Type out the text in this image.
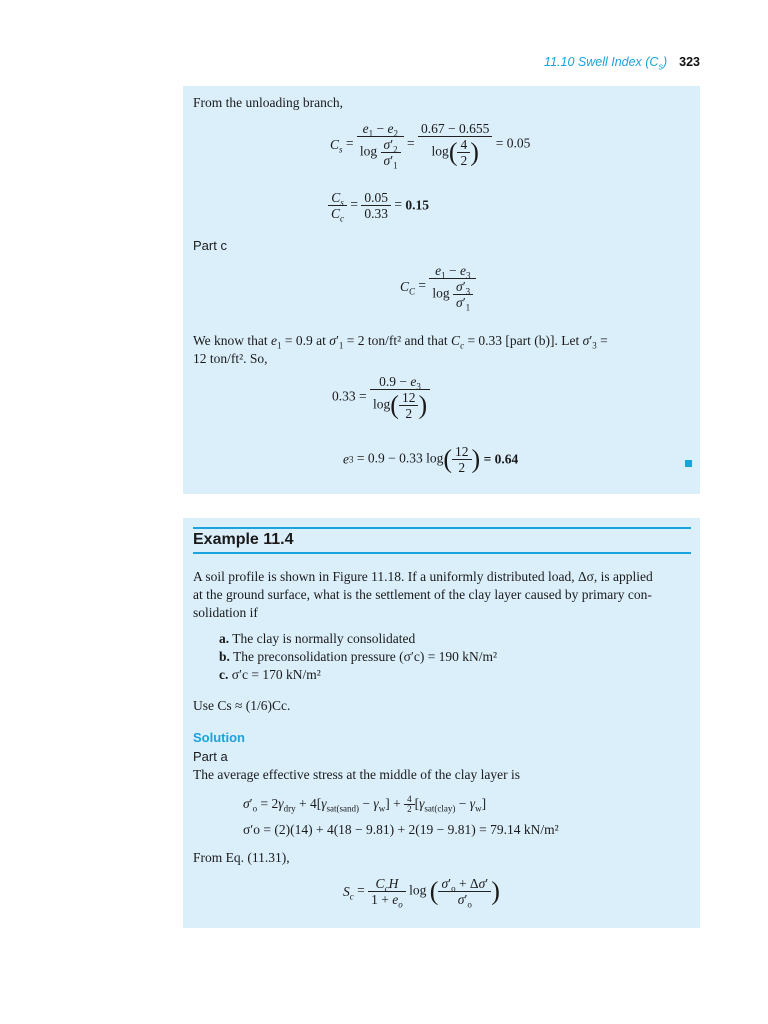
11.10 Swell Index $(C_s)$ 323
From the unloading branch,
$C_s = \frac{e_1 - e_2}{\log \frac{\sigma'_2}{\sigma'_1}} = \frac{0.67 - 0.655}{\log( \frac{4}{2} )} = 0.05$
$\frac{C_s}{C_c} = \frac{0.05}{0.33} = 0.15$
Part c
$C_C = \frac{e_1 - e_3}{\log \frac{\sigma'_3}{\sigma'_1}}$
We know that $e_1 = 0.9$ at $\sigma'_1 = 2$ ton/ft² and that $C_c = 0.33$ [part (b)]. Let $\sigma'_3$ =
12 ton/ft². So,
$0.33 = \frac{0.9 - e_3}{\log( \frac{12}{2} )}$
e3 = 0.9 − 0.33 $\log( \frac{12}{2}$ ) = 0.64
Example 11.4
A soil profile is shown in Figure 11.18. If a uniformly distributed load, Δσ, is applied
at the ground surface, what is the settlement of the clay layer caused by primary con-
solidation if
a. The clay is normally consolidated
b. The preconsolidation pressure (σ′c) = 190 kN/m²
c. σ′c = 170 kN/m²
Use Cs ≈ (1/6)Cc.
Solution
Part a
The average effective stress at the middle of the clay layer is
$\sigma'_o = 2\gamma_{dry} + 4[\gamma_{sat(sand)} - \gamma_w] + \frac{4}{2} [\gamma_{sat(clay)} - \gamma_w]$
σ′o = (2)(14) + 4(18 − 9.81) + 2(19 − 9.81) = 79.14 kN/m²
From Eq. (11.31),
$S_c = \frac{C_cH}{1 + e_o}$ log ( $\frac{\sigma'_o + \Delta\sigma'}{\sigma'_o}$ )
